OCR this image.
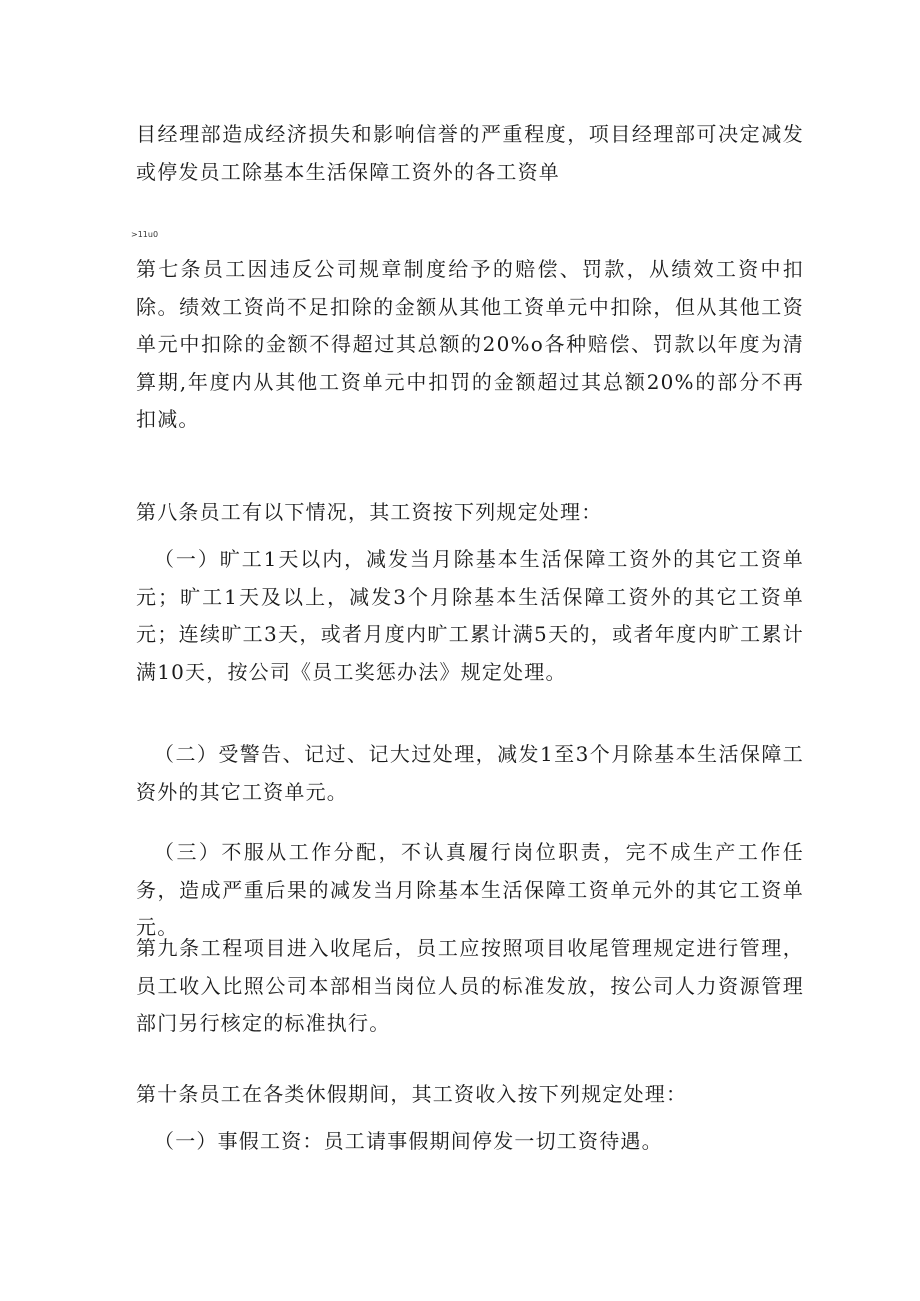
目经理部造成经济损失和影响信誉的严重程度，项目经理部可决定减发或停发员工除基本生活保障工资外的各工资单

>11u0

第七条员工因违反公司规章制度给予的赔偿、罚款，从绩效工资中扣除。绩效工资尚不足扣除的金额从其他工资单元中扣除，但从其他工资单元中扣除的金额不得超过其总额的20%o各种赔偿、罚款以年度为清算期,年度内从其他工资单元中扣罚的金额超过其总额20%的部分不再扣减。

第八条员工有以下情况，其工资按下列规定处理：

（一）旷工1天以内，减发当月除基本生活保障工资外的其它工资单元；旷工1天及以上，减发3个月除基本生活保障工资外的其它工资单元；连续旷工3天，或者月度内旷工累计满5天的，或者年度内旷工累计满10天，按公司《员工奖惩办法》规定处理。

（二）受警告、记过、记大过处理，减发1至3个月除基本生活保障工资外的其它工资单元。

（三）不服从工作分配，不认真履行岗位职责，完不成生产工作任务，造成严重后果的减发当月除基本生活保障工资单元外的其它工资单元。

第九条工程项目进入收尾后，员工应按照项目收尾管理规定进行管理，员工收入比照公司本部相当岗位人员的标准发放，按公司人力资源管理部门另行核定的标准执行。

第十条员工在各类休假期间，其工资收入按下列规定处理：

（一）事假工资：员工请事假期间停发一切工资待遇。
